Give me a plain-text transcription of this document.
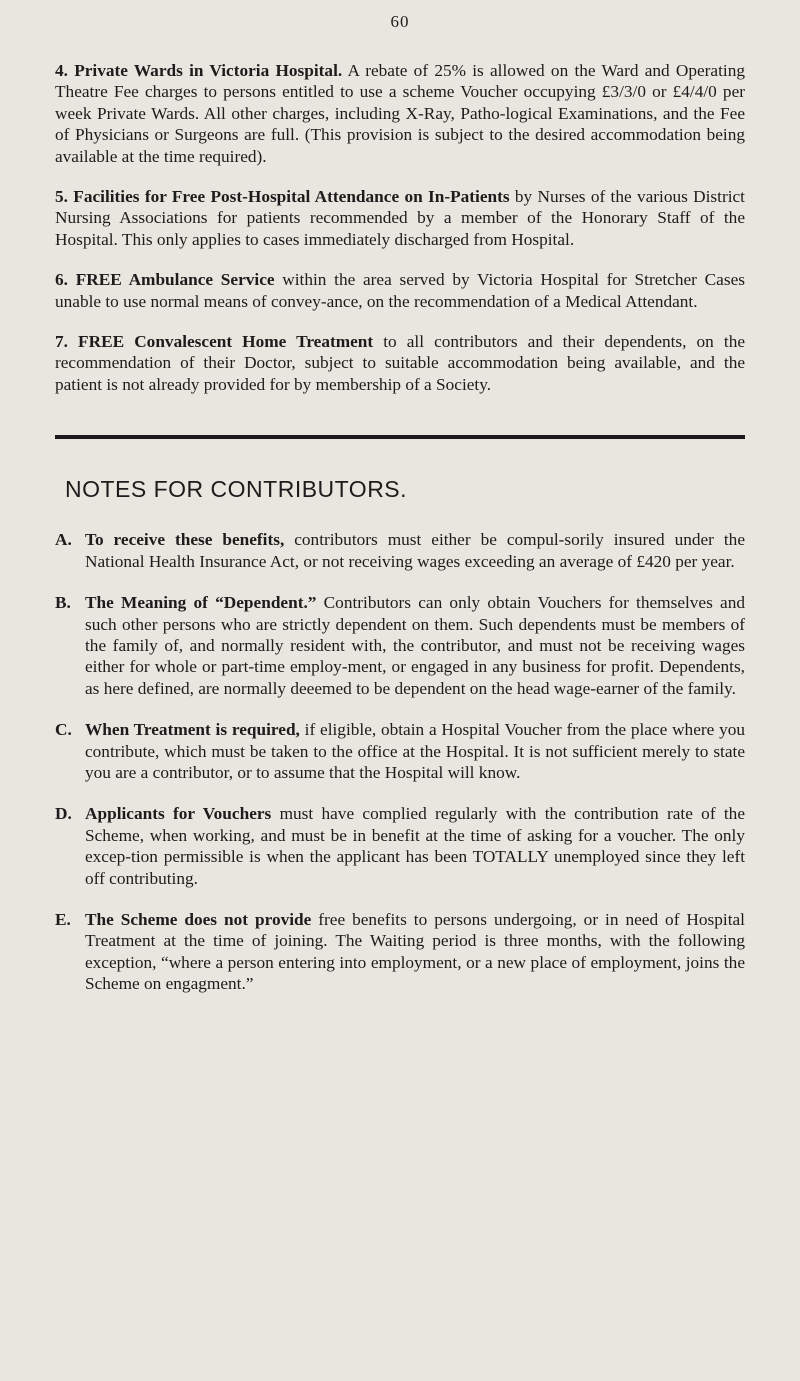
60

4. Private Wards in Victoria Hospital. A rebate of 25% is allowed on the Ward and Operating Theatre Fee charges to persons entitled to use a scheme Voucher occupying £3/3/0 or £4/4/0 per week Private Wards. All other charges, including X-Ray, Patho-logical Examinations, and the Fee of Physicians or Surgeons are full. (This provision is subject to the desired accommodation being available at the time required).

5. Facilities for Free Post-Hospital Attendance on In-Patients by Nurses of the various District Nursing Associations for patients recommended by a member of the Honorary Staff of the Hospital. This only applies to cases immediately discharged from Hospital.

6. FREE Ambulance Service within the area served by Victoria Hospital for Stretcher Cases unable to use normal means of convey-ance, on the recommendation of a Medical Attendant.

7. FREE Convalescent Home Treatment to all contributors and their dependents, on the recommendation of their Doctor, subject to suitable accommodation being available, and the patient is not already provided for by membership of a Society.

NOTES FOR CONTRIBUTORS.
A. To receive these benefits, contributors must either be compul-sorily insured under the National Health Insurance Act, or not receiving wages exceeding an average of £420 per year.
B. The Meaning of “Dependent.” Contributors can only obtain Vouchers for themselves and such other persons who are strictly dependent on them. Such dependents must be members of the family of, and normally resident with, the contributor, and must not be receiving wages either for whole or part-time employ-ment, or engaged in any business for profit. Dependents, as here defined, are normally deeemed to be dependent on the head wage-earner of the family.
C. When Treatment is required, if eligible, obtain a Hospital Voucher from the place where you contribute, which must be taken to the office at the Hospital. It is not sufficient merely to state you are a contributor, or to assume that the Hospital will know.
D. Applicants for Vouchers must have complied regularly with the contribution rate of the Scheme, when working, and must be in benefit at the time of asking for a voucher. The only excep-tion permissible is when the applicant has been TOTALLY unemployed since they left off contributing.
E. The Scheme does not provide free benefits to persons undergoing, or in need of Hospital Treatment at the time of joining. The Waiting period is three months, with the following exception, “where a person entering into employment, or a new place of employment, joins the Scheme on engagment.”
